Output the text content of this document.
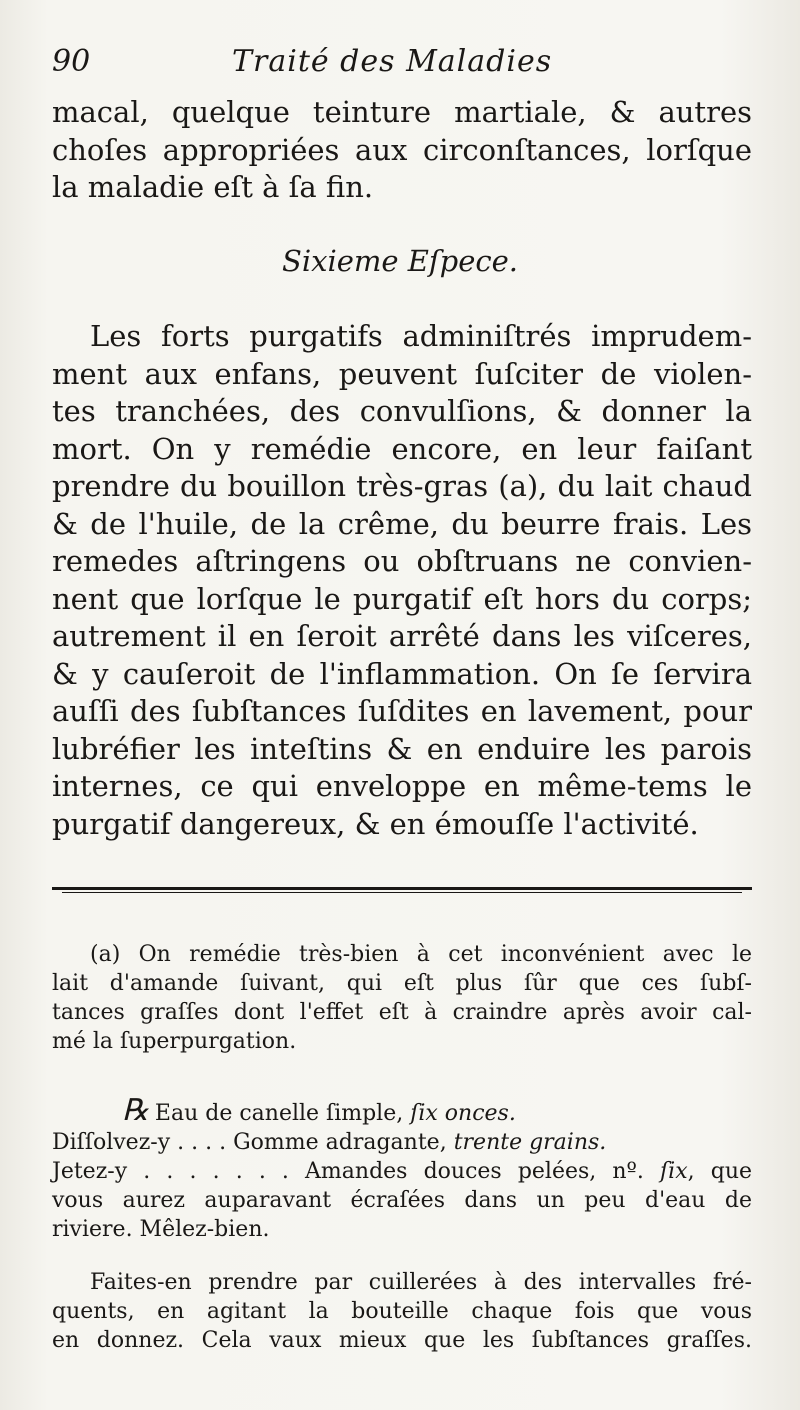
90	Traité des Maladies
macal, quelque teinture martiale, & autres
choſes appropriées aux circonſtances, lorſque
la maladie eſt à ſa fin.
Sixieme Eſpece.
Les forts purgatifs adminiſtrés imprudem-
ment aux enfans, peuvent ſuſciter de violen-
tes tranchées, des convulſions, & donner la
mort. On y remédie encore, en leur faiſant
prendre du bouillon très-gras (a), du lait chaud
& de l'huile, de la crême, du beurre frais. Les
remedes aſtringens ou obſtruans ne convien-
nent que lorſque le purgatif eſt hors du corps;
autrement il en ſeroit arrêté dans les viſceres,
& y cauſeroit de l'inflammation. On ſe ſervira
auſſi des ſubſtances ſuſdites en lavement, pour
lubréfier les inteſtins & en enduire les parois
internes, ce qui enveloppe en même-tems le
purgatif dangereux, & en émouſſe l'activité.
(a) On remédie très-bien à cet inconvénient avec le
lait d'amande ſuivant, qui eſt plus ſûr que ces ſubſ-
tances graſſes dont l'effet eſt à craindre après avoir cal-
mé la ſuperpurgation.
℞ Eau de canelle ſimple, ſix onces.
Diſſolvez-y . . . . Gomme adragante, trente grains.
Jetez-y . . . . . . . Amandes douces pelées, nº. ſix, que
vous aurez auparavant écraſées dans un peu d'eau de
riviere. Mêlez-bien.
Faites-en prendre par cuillerées à des intervalles fré-
quents, en agitant la bouteille chaque fois que vous
en donnez. Cela vaux mieux que les ſubſtances graſſes.
